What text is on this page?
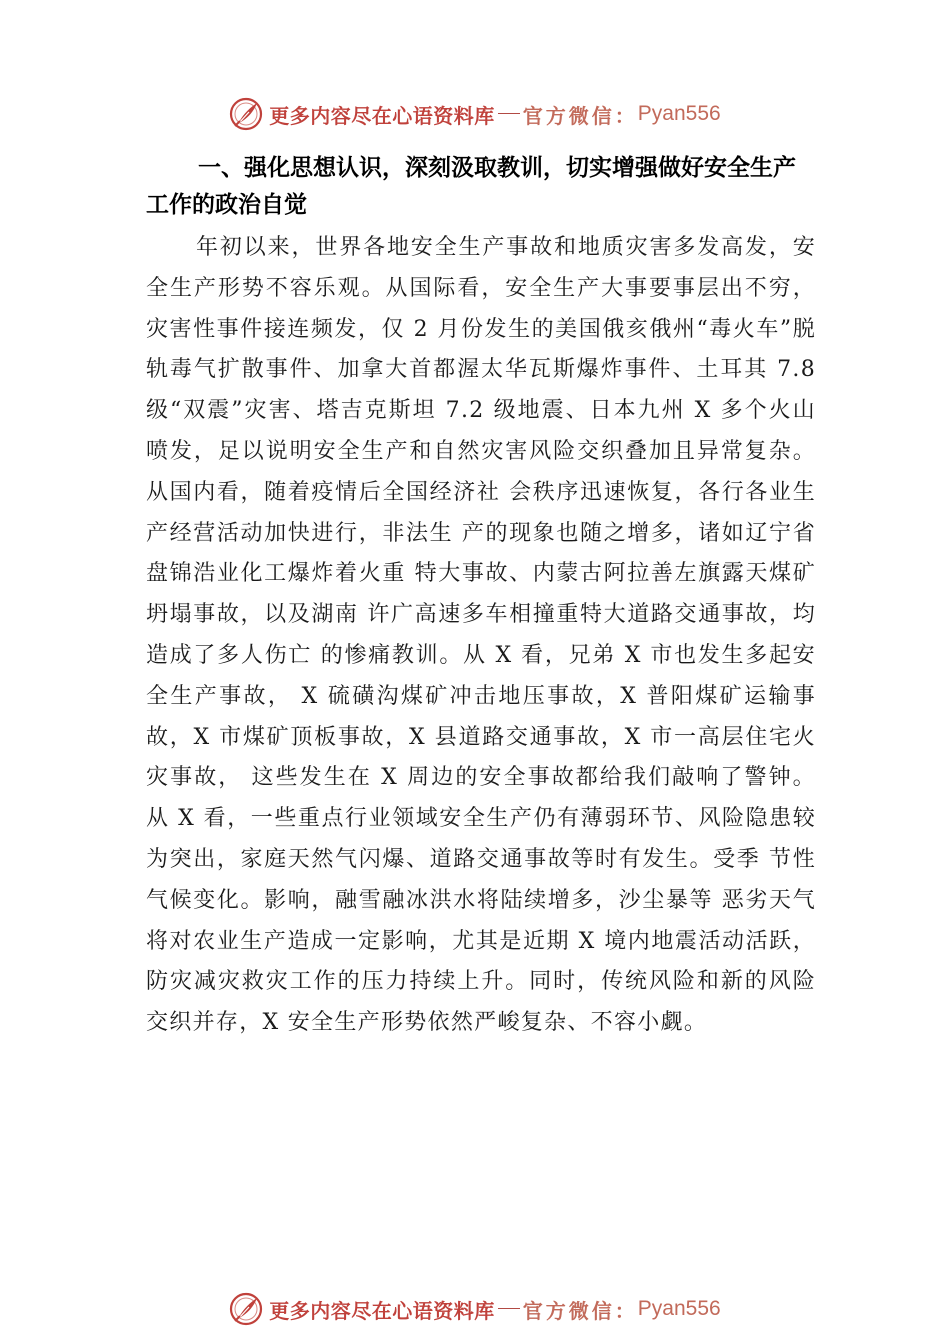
更多内容尽在心语资料库 官方微信： Pyan556
一、强化思想认识，深刻汲取教训，切实增强做好安全生产工作的政治自觉

年初以来，世界各地安全生产事故和地质灾害多发高发，安全生产形势不容乐观。从国际看，安全生产大事要事层出不穷，灾害性事件接连频发，仅 2 月份发生的美国俄亥俄州“毒火车”脱轨毒气扩散事件、加拿大首都渥太华瓦斯爆炸事件、土耳其 7.8 级“双震”灾害、塔吉克斯坦 7.2 级地震、日本九州 X 多个火山喷发，足以说明安全生产和自然灾害风险交织叠加且异常复杂。从国内看，随着疫情后全国经济社 会秩序迅速恢复，各行各业生产经营活动加快进行，非法生 产的现象也随之增多，诸如辽宁省盘锦浩业化工爆炸着火重 特大事故、内蒙古阿拉善左旗露天煤矿坍塌事故，以及湖南 许广高速多车相撞重特大道路交通事故，均造成了多人伤亡 的惨痛教训。从 X 看，兄弟 X 市也发生多起安全生产事故， X 硫磺沟煤矿冲击地压事故，X 普阳煤矿运输事故，X 市煤矿顶板事故，X 县道路交通事故，X 市一高层住宅火灾事故， 这些发生在 X 周边的安全事故都给我们敲响了警钟。从 X 看，一些重点行业领域安全生产仍有薄弱环节、风险隐患较 为突出，家庭天然气闪爆、道路交通事故等时有发生。受季 节性气候变化。影响，融雪融冰洪水将陆续增多，沙尘暴等 恶劣天气将对农业生产造成一定影响，尤其是近期 X 境内地震活动活跃，防灾减灾救灾工作的压力持续上升。同时，传统风险和新的风险交织并存，X 安全生产形势依然严峻复杂、不容小觑。

更多内容尽在心语资料库 官方微信： Pyan556
